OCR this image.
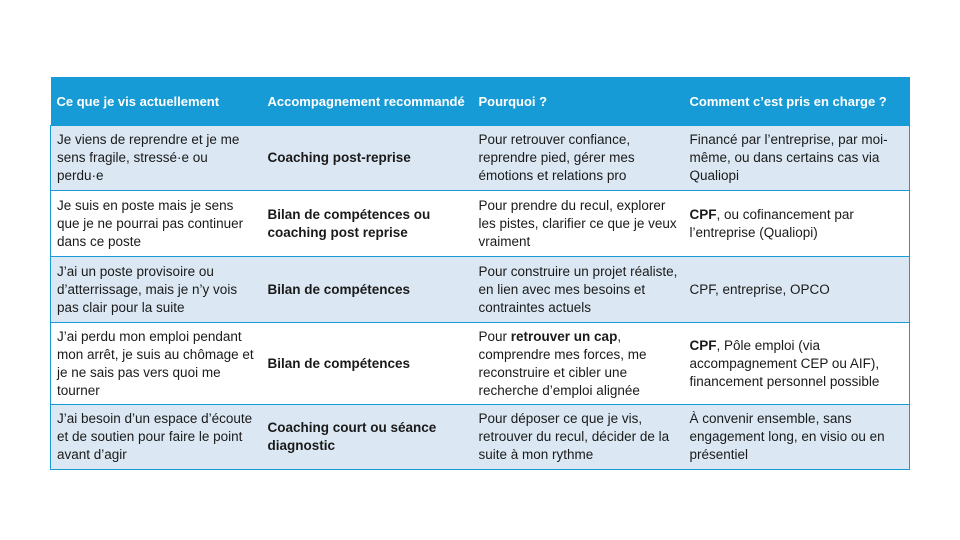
Ce que je vis actuellement	Accompagnement recommandé	Pourquoi ?	Comment c’est pris en charge ?
Je viens de reprendre et je me sens fragile, stressé·e ou perdu·e	Coaching post-reprise	Pour retrouver confiance, reprendre pied, gérer mes émotions et relations pro	Financé par l’entreprise, par moi-même, ou dans certains cas via Qualiopi
Je suis en poste mais je sens que je ne pourrai pas continuer dans ce poste	Bilan de compétences ou coaching post reprise	Pour prendre du recul, explorer les pistes, clarifier ce que je veux vraiment	CPF, ou cofinancement par l’entreprise (Qualiopi)
J’ai un poste provisoire ou d’atterrissage, mais je n’y vois pas clair pour la suite	Bilan de compétences	Pour construire un projet réaliste, en lien avec mes besoins et contraintes actuels	CPF, entreprise, OPCO
J’ai perdu mon emploi pendant mon arrêt, je suis au chômage et je ne sais pas vers quoi me tourner	Bilan de compétences	Pour retrouver un cap, comprendre mes forces, me reconstruire et cibler une recherche d’emploi alignée	CPF, Pôle emploi (via accompagnement CEP ou AIF), financement personnel possible
J’ai besoin d’un espace d’écoute et de soutien pour faire le point avant d’agir	Coaching court ou séance diagnostic	Pour déposer ce que je vis, retrouver du recul, décider de la suite à mon rythme	À convenir ensemble, sans engagement long, en visio ou en présentiel
